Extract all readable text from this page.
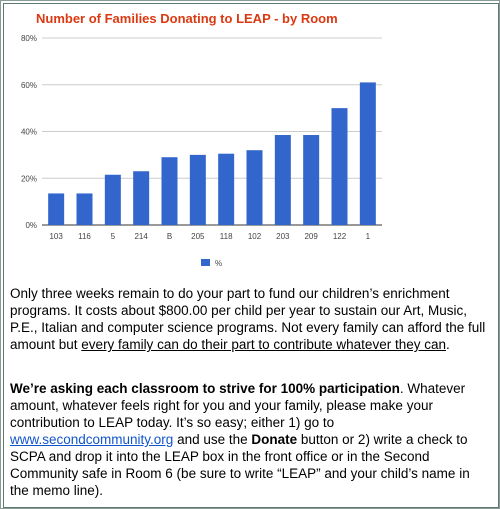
Number of Families Donating to LEAP - by Room
0%
20%
40%
60%
80%
103 116 5 214 B 205 118 102 203 209 122 1
%
Only three weeks remain to do your part to fund our children’s enrichment programs. It costs about $800.00 per child per year to sustain our Art, Music, P.E., Italian and computer science programs. Not every family can afford the full amount but every family can do their part to contribute whatever they can.
We’re asking each classroom to strive for 100% participation. Whatever amount, whatever feels right for you and your family, please make your contribution to LEAP today. It’s so easy; either 1) go to www.secondcommunity.org and use the Donate button or 2) write a check to SCPA and drop it into the LEAP box in the front office or in the Second Community safe in Room 6 (be sure to write “LEAP” and your child’s name in the memo line).
